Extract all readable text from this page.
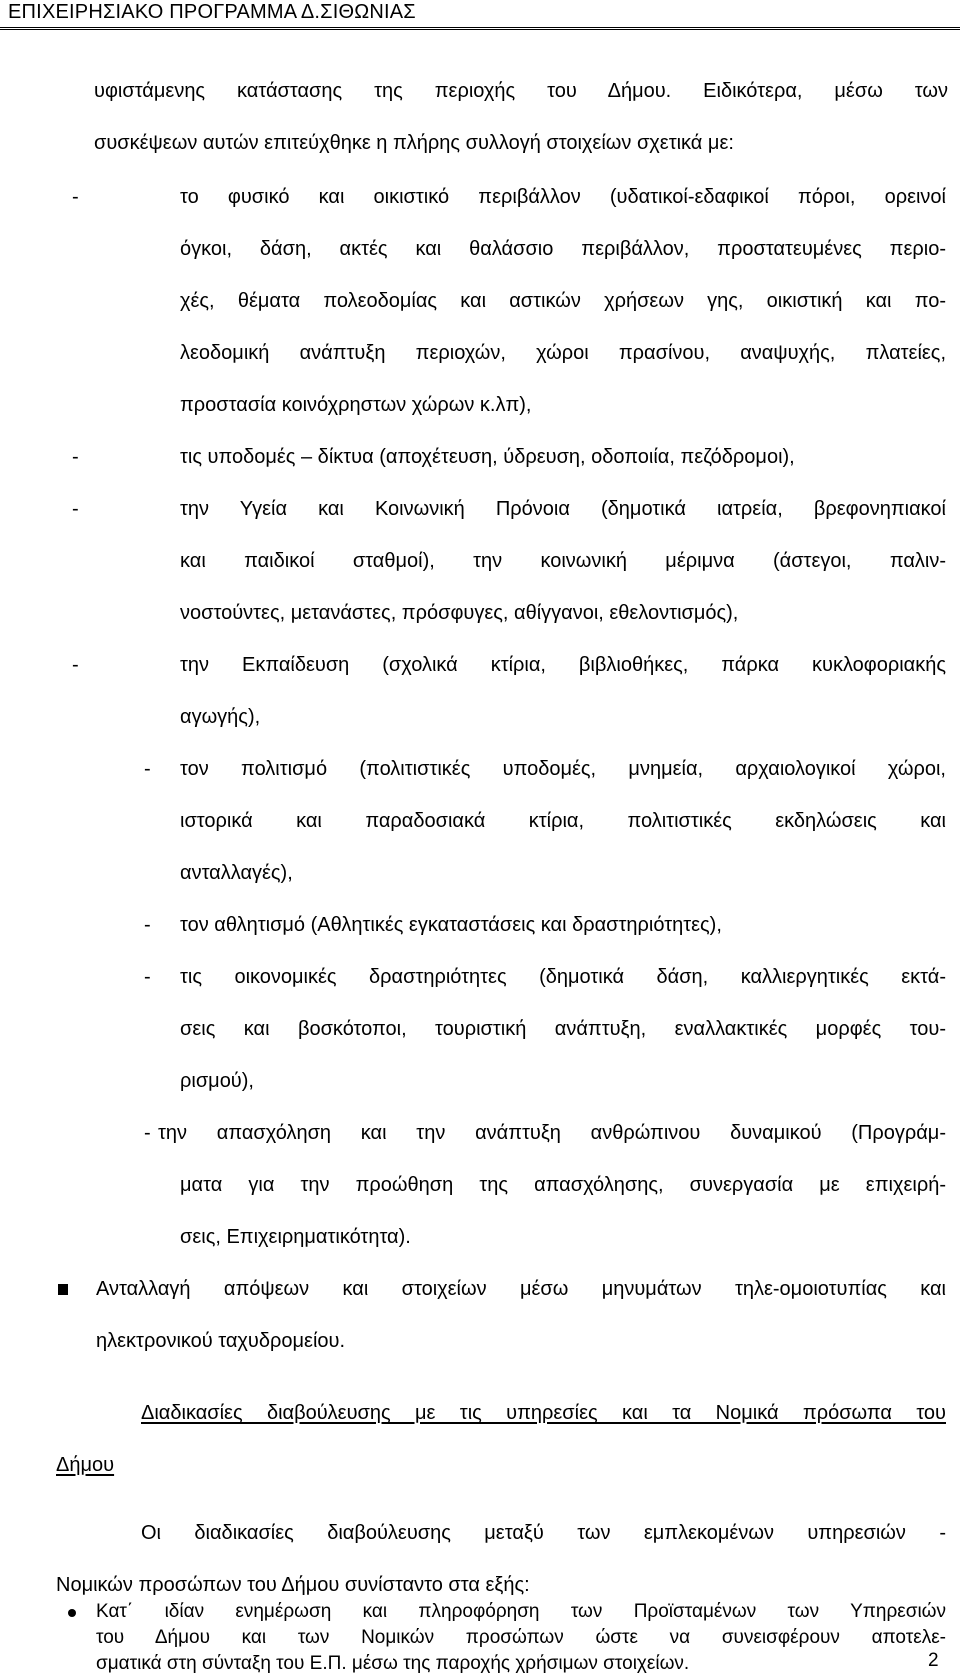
ΕΠΙΧΕΙΡΗΣΙΑΚΟ ΠΡΟΓΡΑΜΜΑ Δ.ΣΙΘΩΝΙΑΣ
υφιστάμενης κατάστασης της περιοχής του Δήμου. Ειδικότερα, μέσω των
συσκέψεων αυτών επιτεύχθηκε η πλήρης συλλογή στοιχείων σχετικά με:
-	το φυσικό και οικιστικό περιβάλλον (υδατικοί-εδαφικοί πόροι, ορεινοί
όγκοι, δάση, ακτές και θαλάσσιο περιβάλλον, προστατευμένες περιο-
χές, θέματα πολεοδομίας και αστικών χρήσεων γης, οικιστική και πο-
λεοδομική ανάπτυξη περιοχών, χώροι πρασίνου, αναψυχής, πλατείες,
προστασία κοινόχρηστων χώρων κ.λπ),
-	τις υποδομές – δίκτυα (αποχέτευση, ύδρευση, οδοποιία, πεζόδρομοι),
-	την Υγεία και Κοινωνική Πρόνοια (δημοτικά ιατρεία, βρεφονηπιακοί
και παιδικοί σταθμοί), την κοινωνική μέριμνα (άστεγοι, παλιν-
νοστούντες, μετανάστες, πρόσφυγες, αθίγγανοι, εθελοντισμός),
-	την Εκπαίδευση (σχολικά κτίρια, βιβλιοθήκες, πάρκα κυκλοφοριακής
αγωγής),
- τον πολιτισμό (πολιτιστικές υποδομές, μνημεία, αρχαιολογικοί χώροι,
ιστορικά και παραδοσιακά κτίρια, πολιτιστικές εκδηλώσεις και
ανταλλαγές),
- τον αθλητισμό (Αθλητικές εγκαταστάσεις και δραστηριότητες),
- τις οικονομικές δραστηριότητες (δημοτικά δάση, καλλιεργητικές εκτά-
σεις και βοσκότοποι, τουριστική ανάπτυξη, εναλλακτικές μορφές του-
ρισμού),
- την απασχόληση και την ανάπτυξη ανθρώπινου δυναμικού (Προγράμ-
ματα για την προώθηση της απασχόλησης, συνεργασία με επιχειρή-
σεις, Επιχειρηματικότητα).
Ανταλλαγή απόψεων και στοιχείων μέσω μηνυμάτων τηλε-ομοιοτυπίας και
ηλεκτρονικού ταχυδρομείου.
Διαδικασίες διαβούλευσης με τις υπηρεσίες και τα Νομικά πρόσωπα του
Δήμου
Οι διαδικασίες διαβούλευσης μεταξύ των εμπλεκομένων υπηρεσιών -
Νομικών προσώπων του Δήμου συνίσταντο στα εξής:
2
Κατ΄ ιδίαν ενημέρωση και πληροφόρηση των Προϊσταμένων των Υπηρεσιών
του Δήμου και των Νομικών προσώπων ώστε να συνεισφέρουν αποτελε-
σματικά στη σύνταξη του Ε.Π. μέσω της παροχής χρήσιμων στοιχείων.
